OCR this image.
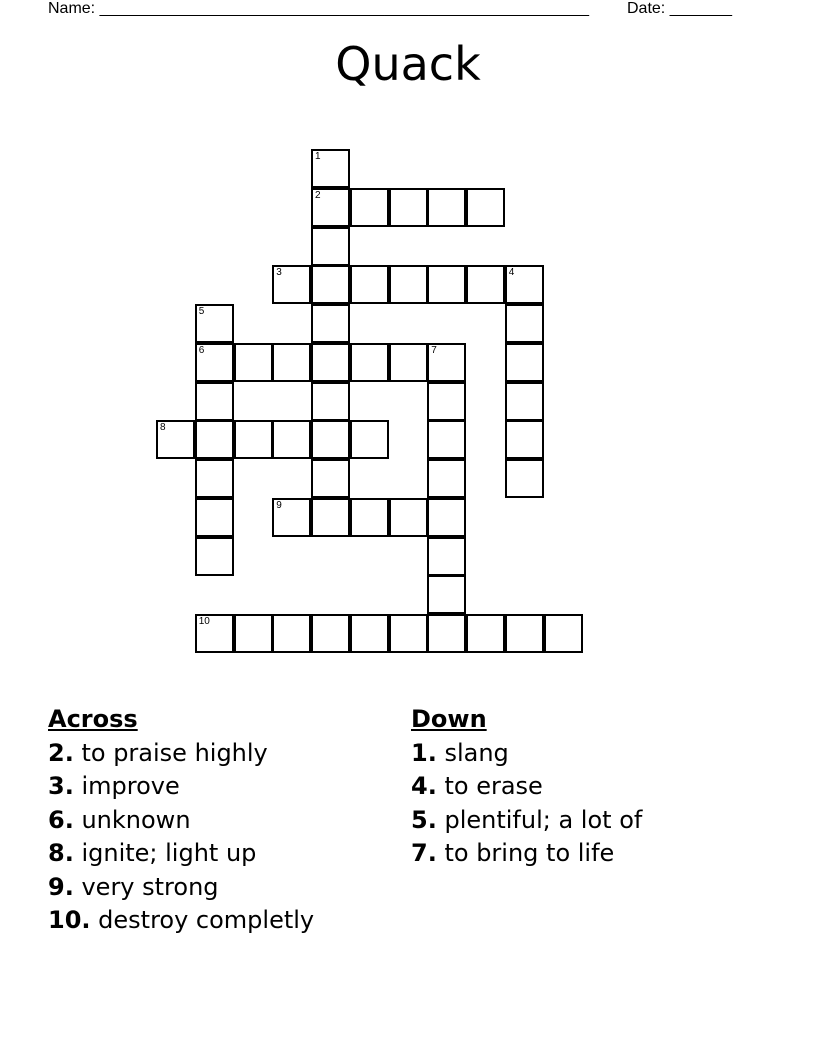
Name: _______________________________________________________ Date: _______
Quack
1
2
3	4
5
6	7
8
9
10

Across

2. to praise highly

3. improve

6. unknown

8. ignite; light up

9. very strong

10. destroy completly

Down

1. slang

4. to erase

5. plentiful; a lot of

7. to bring to life
